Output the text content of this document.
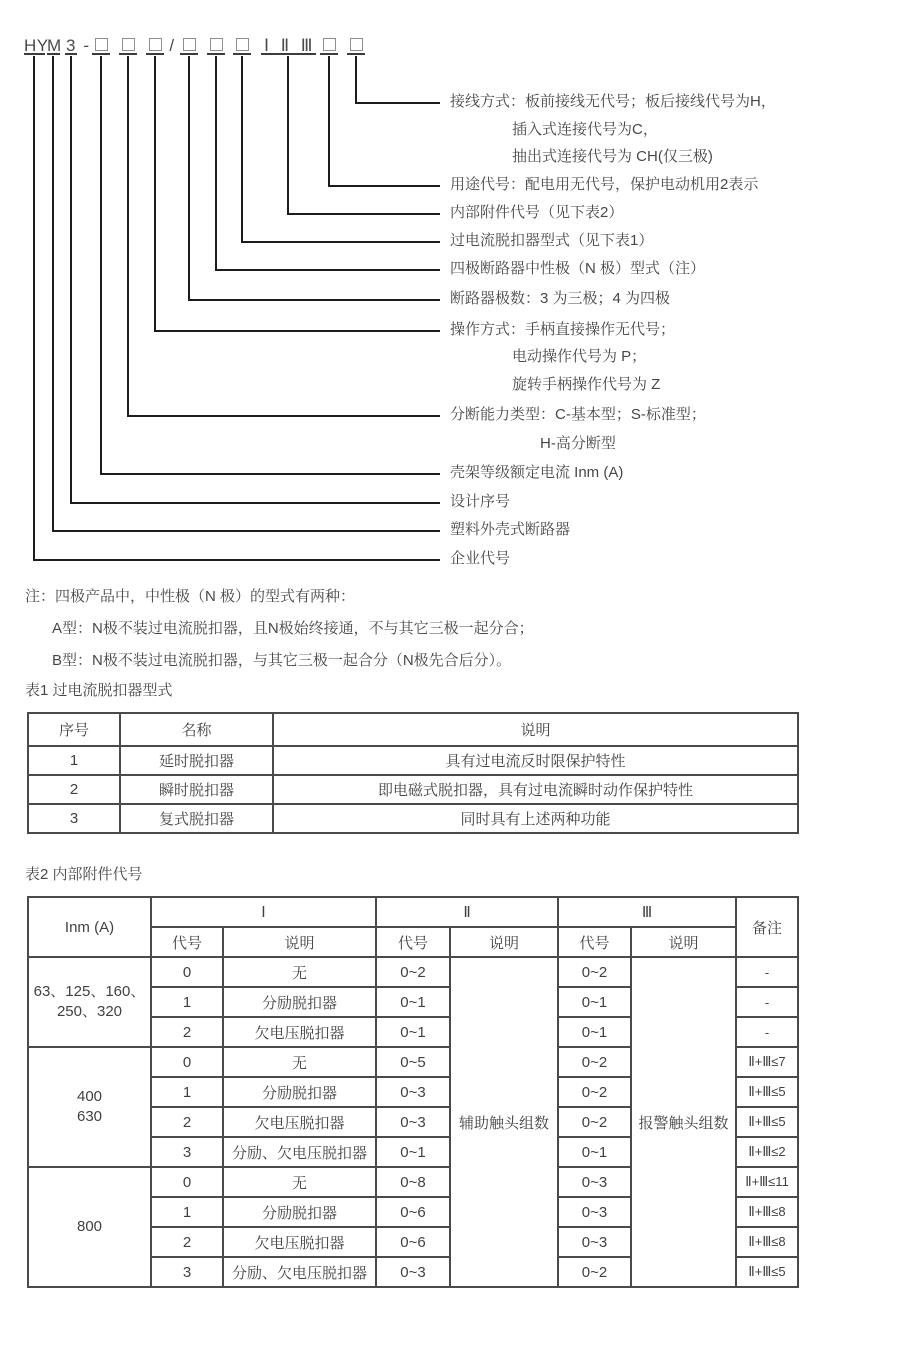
HY
M 3 -	/	Ⅰ Ⅱ Ⅲ
接线方式：板前接线无代号；板后接线代号为H，
插入式连接代号为C，
抽出式连接代号为 CH(仅三极)
用途代号：配电用无代号，保护电动机用2表示
内部附件代号（见下表2）
过电流脱扣器型式（见下表1）
四极断路器中性极（N 极）型式（注）
断路器极数：3 为三极；4 为四极
操作方式：手柄直接操作无代号；
电动操作代号为 P；
旋转手柄操作代号为 Z
分断能力类型：C-基本型；S-标准型；
H-高分断型
壳架等级额定电流 Inm (A)
设计序号
塑料外壳式断路器
企业代号
注：四极产品中，中性极（N 极）的型式有两种：
A型：N极不装过电流脱扣器，且N极始终接通，不与其它三极一起分合；
B型：N极不装过电流脱扣器，与其它三极一起合分（N极先合后分）。
表1 过电流脱扣器型式
序号	名称	说明
1	延时脱扣器	具有过电流反时限保护特性
2	瞬时脱扣器	即电磁式脱扣器，具有过电流瞬时动作保护特性
3	复式脱扣器	同时具有上述两种功能
表2 内部附件代号
Inm (A)	Ⅰ		Ⅱ		Ⅲ		备注
	代号	说明	代号	说明	代号	说明	

63、125、160、
250、320	0	无	0~2	辅助触头组数	0~2	报警触头组数	-
	1	分励脱扣器	0~1		0~1		-
	2	欠电压脱扣器	0~1		0~1		-

400
630	0	无	0~5		0~2		Ⅱ+Ⅲ≤7
	1	分励脱扣器	0~3		0~2		Ⅱ+Ⅲ≤5
	2	欠电压脱扣器	0~3		0~2		Ⅱ+Ⅲ≤5
	3	分励、欠电压脱扣器	0~1		0~1		Ⅱ+Ⅲ≤2

800	0	无	0~8		0~3		Ⅱ+Ⅲ≤11
	1	分励脱扣器	0~6		0~3		Ⅱ+Ⅲ≤8
	2	欠电压脱扣器	0~6		0~3		Ⅱ+Ⅲ≤8
	3	分励、欠电压脱扣器	0~3		0~2		Ⅱ+Ⅲ≤5
